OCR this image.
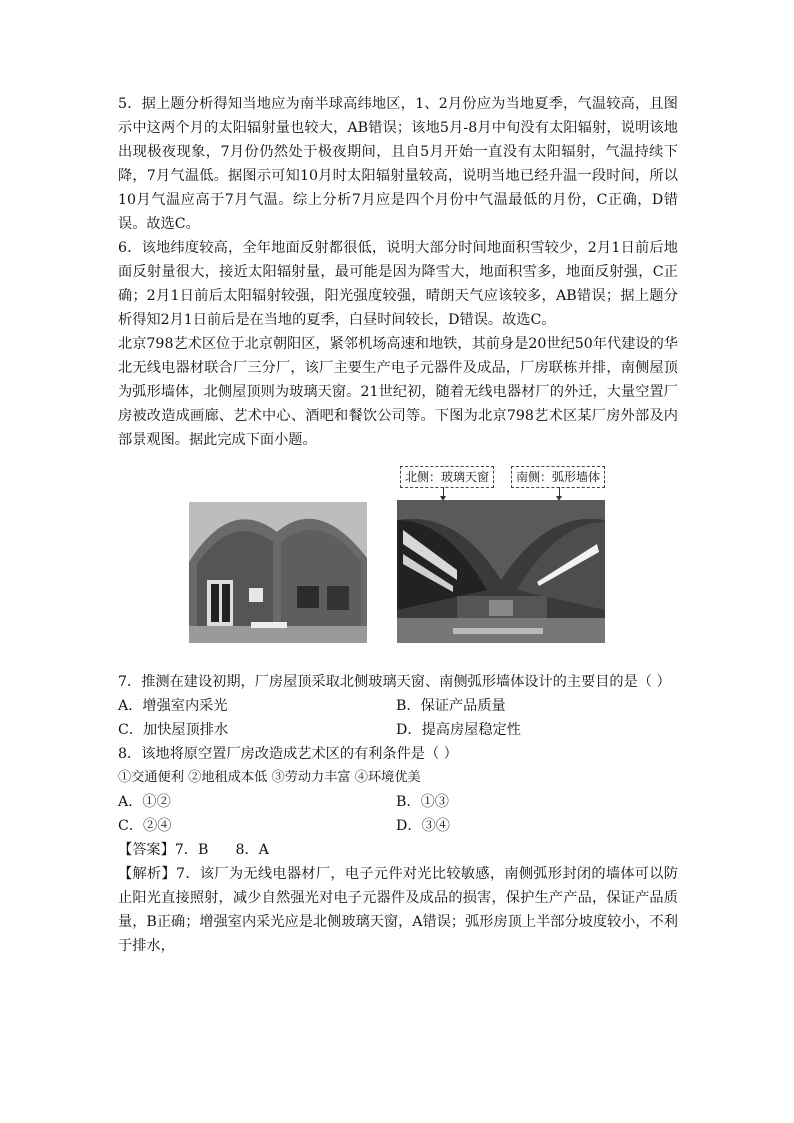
5．据上题分析得知当地应为南半球高纬地区，1、2月份应为当地夏季，气温较高，且图示中这两个月的太阳辐射量也较大，AB错误；该地5月-8月中旬没有太阳辐射，说明该地出现极夜现象，7月份仍然处于极夜期间，且自5月开始一直没有太阳辐射，气温持续下降，7月气温低。据图示可知10月时太阳辐射量较高，说明当地已经升温一段时间，所以10月气温应高于7月气温。综上分析7月应是四个月份中气温最低的月份，C正确，D错误。故选C。

6．该地纬度较高，全年地面反射都很低，说明大部分时间地面积雪较少，2月1日前后地面反射量很大，接近太阳辐射量，最可能是因为降雪大，地面积雪多，地面反射强，C正确；2月1日前后太阳辐射较强，阳光强度较强，晴朗天气应该较多，AB错误；据上题分析得知2月1日前后是在当地的夏季，白昼时间较长，D错误。故选C。

北京798艺术区位于北京朝阳区，紧邻机场高速和地铁，其前身是20世纪50年代建设的华北无线电器材联合厂三分厂，该厂主要生产电子元器件及成品，厂房联栋并排，南侧屋顶为弧形墙体，北侧屋顶则为玻璃天窗。21世纪初，随着无线电器材厂的外迁，大量空置厂房被改造成画廊、艺术中心、酒吧和餐饮公司等。下图为北京798艺术区某厂房外部及内部景观图。据此完成下面小题。

北侧：玻璃天窗	南侧：弧形墙体

7．推测在建设初期，厂房屋顶采取北侧玻璃天窗、南侧弧形墙体设计的主要目的是（ ）

A．增强室内采光	B．保证产品质量

C．加快屋顶排水	D．提高房屋稳定性

8．该地将原空置厂房改造成艺术区的有利条件是（ ）

①交通便利 ②地租成本低 ③劳动力丰富 ④环境优美

A．①②	B．①③

C．②④	D．③④

【答案】7．B      8．A

【解析】7．该厂为无线电器材厂，电子元件对光比较敏感，南侧弧形封闭的墙体可以防止阳光直接照射，减少自然强光对电子元器件及成品的损害，保护生产产品，保证产品质量，B正确；增强室内采光应是北侧玻璃天窗，A错误；弧形房顶上半部分坡度较小，不利于排水，
